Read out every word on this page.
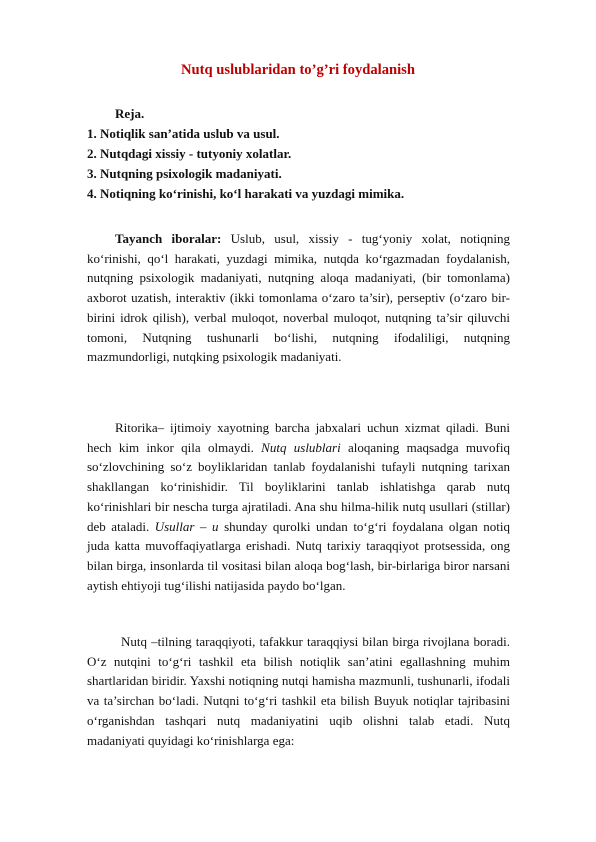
Nutq uslublaridan to’g’ri foydalanish
Reja.
1. Notiqlik san’atida uslub va usul.
2. Nutqdagi xissiy - tutyoniy xolatlar.
3. Nutqning psixologik madaniyati.
4. Notiqning ko‘rinishi, ko‘l harakati va yuzdagi mimika.
Tayanch iboralar: Uslub, usul, xissiy - tug‘yoniy xolat, notiqning ko‘rinishi, qo‘l harakati, yuzdagi mimika, nutqda ko‘rgazmadan foydalanish, nutqning psixologik madaniyati, nutqning aloqa madaniyati, (bir tomonlama) axborot uzatish, interaktiv (ikki tomonlama o‘zaro ta’sir), perseptiv (o‘zaro bir-birini idrok qilish), verbal muloqot, noverbal muloqot, nutqning ta’sir qiluvchi tomoni, Nutqning tushunarli bo‘lishi, nutqning ifodaliligi, nutqning mazmundorligi, nutqking psixologik madaniyati.
Ritorika– ijtimoiy xayotning barcha jabxalari uchun xizmat qiladi. Buni hech kim inkor qila olmaydi. Nutq uslublari aloqaning maqsadga muvofiq so‘zlovchining so‘z boyliklaridan tanlab foydalanishi tufayli nutqning tarixan shakllangan ko‘rinishidir. Til boyliklarini tanlab ishlatishga qarab nutq ko‘rinishlari bir nescha turga ajratiladi. Ana shu hilma-hilik nutq usullari (stillar) deb ataladi. Usullar – u shunday qurolki undan to‘g‘ri foydalana olgan notiq juda katta muvoffaqiyatlarga erishadi. Nutq tarixiy taraqqiyot protsessida, ong bilan birga, insonlarda til vositasi bilan aloqa bog‘lash, bir-birlariga biror narsani aytish ehtiyoji tug‘ilishi natijasida paydo bo‘lgan.
Nutq –tilning taraqqiyoti, tafakkur taraqqiysi bilan birga rivojlana boradi. O‘z nutqini to‘g‘ri tashkil eta bilish notiqlik san’atini egallashning muhim shartlaridan biridir. Yaxshi notiqning nutqi hamisha mazmunli, tushunarli, ifodali va ta’sirchan bo‘ladi. Nutqni to‘g‘ri tashkil eta bilish Buyuk notiqlar tajribasini o‘rganishdan tashqari nutq madaniyatini uqib olishni talab etadi. Nutq madaniyati quyidagi ko‘rinishlarga ega:
